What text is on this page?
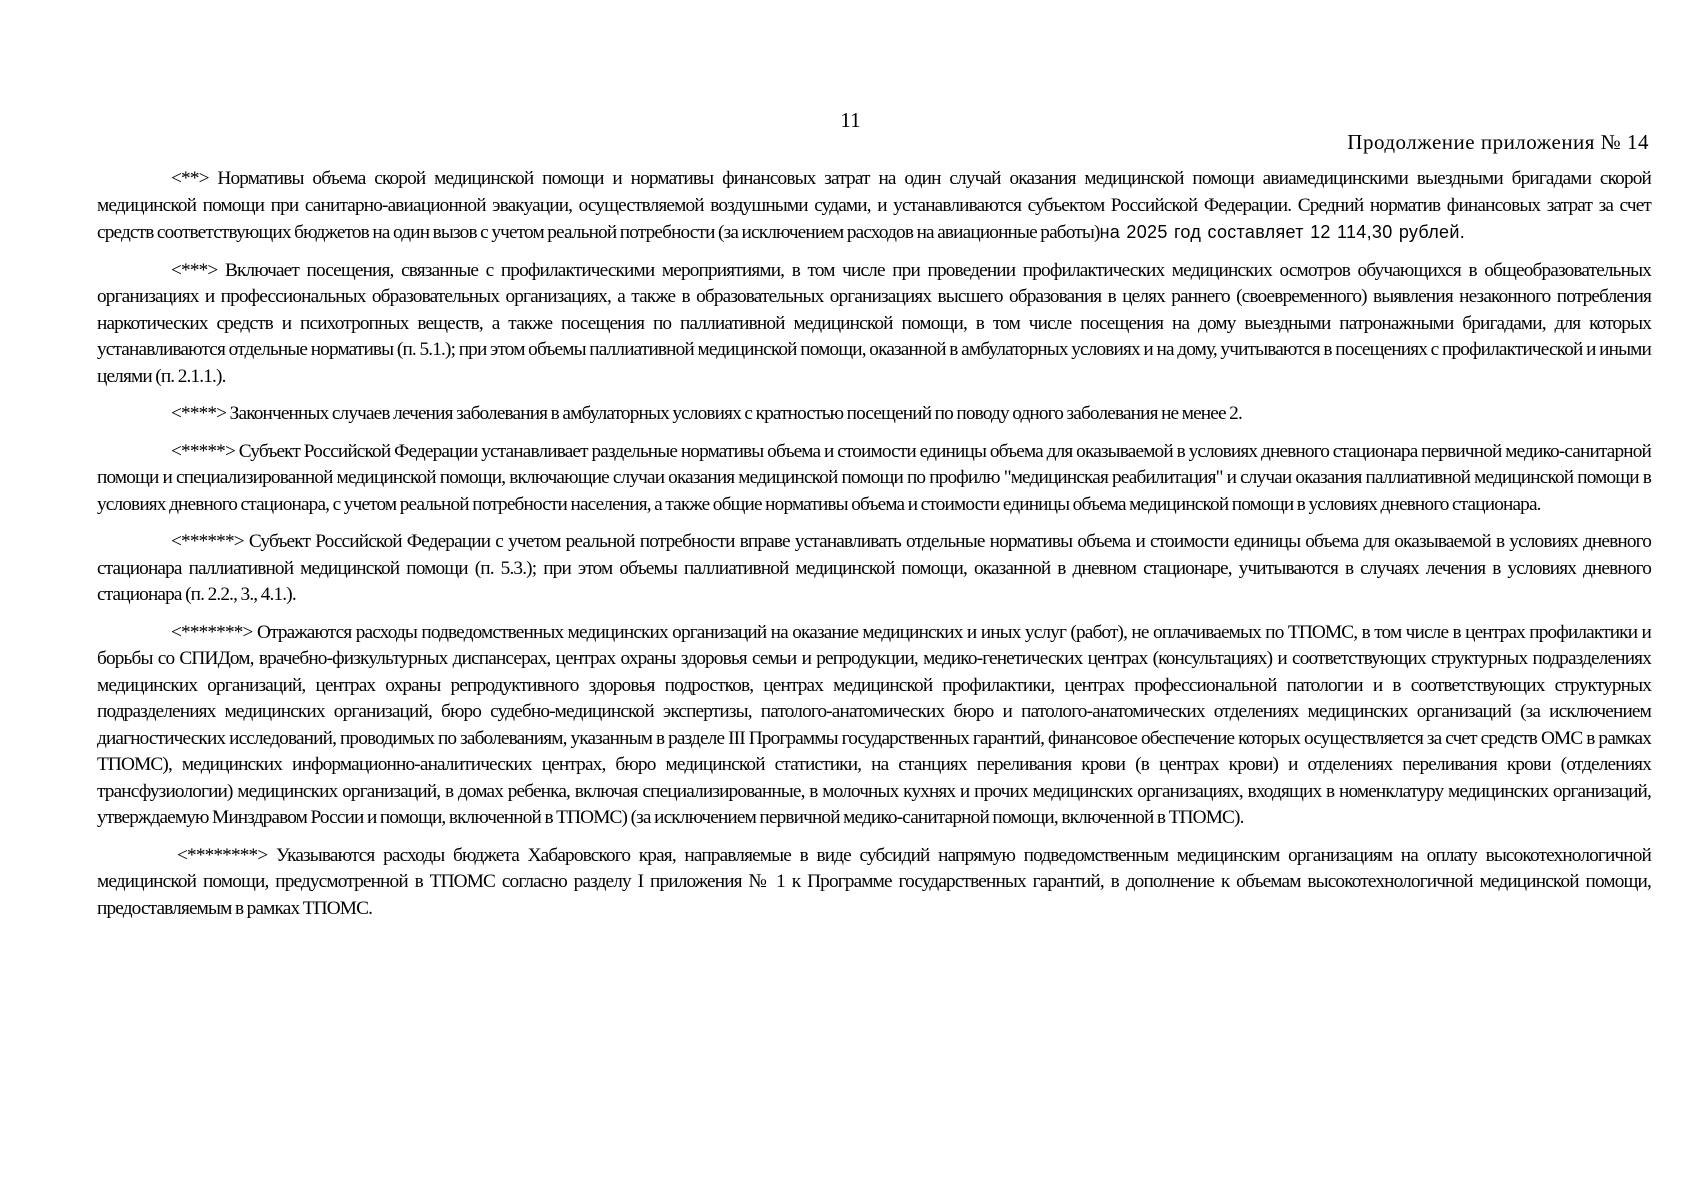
11
Продолжение приложения № 14

<**> Нормативы объема скорой медицинской помощи и нормативы финансовых затрат на один случай оказания медицинской помощи авиамедицинскими выездными бригадами скорой медицинской помощи при санитарно-авиационной эвакуации, осуществляемой воздушными судами, и устанавливаются субъектом Российской Федерации. Средний норматив финансовых затрат за счет средств соответствующих бюджетов на один вызов с учетом реальной потребности (за исключением расходов на авиационные работы)на 2025 год составляет 12 114,30 рублей.

<***> Включает посещения, связанные с профилактическими мероприятиями, в том числе при проведении профилактических медицинских осмотров обучающихся в общеобразовательных организациях и профессиональных образовательных организациях, а также в образовательных организациях высшего образования в целях раннего (своевременного) выявления незаконного потребления наркотических средств и психотропных веществ, а также посещения по паллиативной медицинской помощи, в том числе посещения на дому выездными патронажными бригадами, для которых устанавливаются отдельные нормативы (п. 5.1.); при этом объемы паллиативной медицинской помощи, оказанной в амбулаторных условиях и на дому, учитываются в посещениях с профилактической и иными целями (п. 2.1.1.).

<****> Законченных случаев лечения заболевания в амбулаторных условиях с кратностью посещений по поводу одного заболевания не менее 2.

<*****> Субъект Российской Федерации устанавливает раздельные нормативы объема и стоимости единицы объема для оказываемой в условиях дневного стационара первичной медико-санитарной помощи и специализированной медицинской помощи, включающие случаи оказания медицинской помощи по профилю "медицинская реабилитация" и случаи оказания паллиативной медицинской помощи в условиях дневного стационара, с учетом реальной потребности населения, а также общие нормативы объема и стоимости единицы объема медицинской помощи в условиях дневного стационара.

<******> Субъект Российской Федерации с учетом реальной потребности вправе устанавливать отдельные нормативы объема и стоимости единицы объема для оказываемой в условиях дневного стационара паллиативной медицинской помощи (п. 5.3.); при этом объемы паллиативной медицинской помощи, оказанной в дневном стационаре, учитываются в случаях лечения в условиях дневного стационара (п. 2.2., 3., 4.1.).

<*******> Отражаются расходы подведомственных медицинских организаций на оказание медицинских и иных услуг (работ), не оплачиваемых по ТПОМС, в том числе в центрах профилактики и борьбы со СПИДом, врачебно-физкультурных диспансерах, центрах охраны здоровья семьи и репродукции, медико-генетических центрах (консультациях) и соответствующих структурных подразделениях медицинских организаций, центрах охраны репродуктивного здоровья подростков, центрах медицинской профилактики, центрах профессиональной патологии и в соответствующих структурных подразделениях медицинских организаций, бюро судебно-медицинской экспертизы, патолого-анатомических бюро и патолого-анатомических отделениях медицинских организаций (за исключением диагностических исследований, проводимых по заболеваниям, указанным в разделе III Программы государственных гарантий, финансовое обеспечение которых осуществляется за счет средств ОМС в рамках ТПОМС), медицинских информационно-аналитических центрах, бюро медицинской статистики, на станциях переливания крови (в центрах крови) и отделениях переливания крови (отделениях трансфузиологии) медицинских организаций, в домах ребенка, включая специализированные, в молочных кухнях и прочих медицинских организациях, входящих в номенклатуру медицинских организаций, утверждаемую Минздравом России и помощи, включенной в ТПОМС) (за исключением первичной медико-санитарной помощи, включенной в ТПОМС).

<********> Указываются расходы бюджета Хабаровского края, направляемые в виде субсидий напрямую подведомственным медицинским организациям на оплату высокотехнологичной медицинской помощи, предусмотренной в ТПОМС согласно разделу I приложения № 1 к Программе государственных гарантий, в дополнение к объемам высокотехнологичной медицинской помощи, предоставляемым в рамках ТПОМС.
